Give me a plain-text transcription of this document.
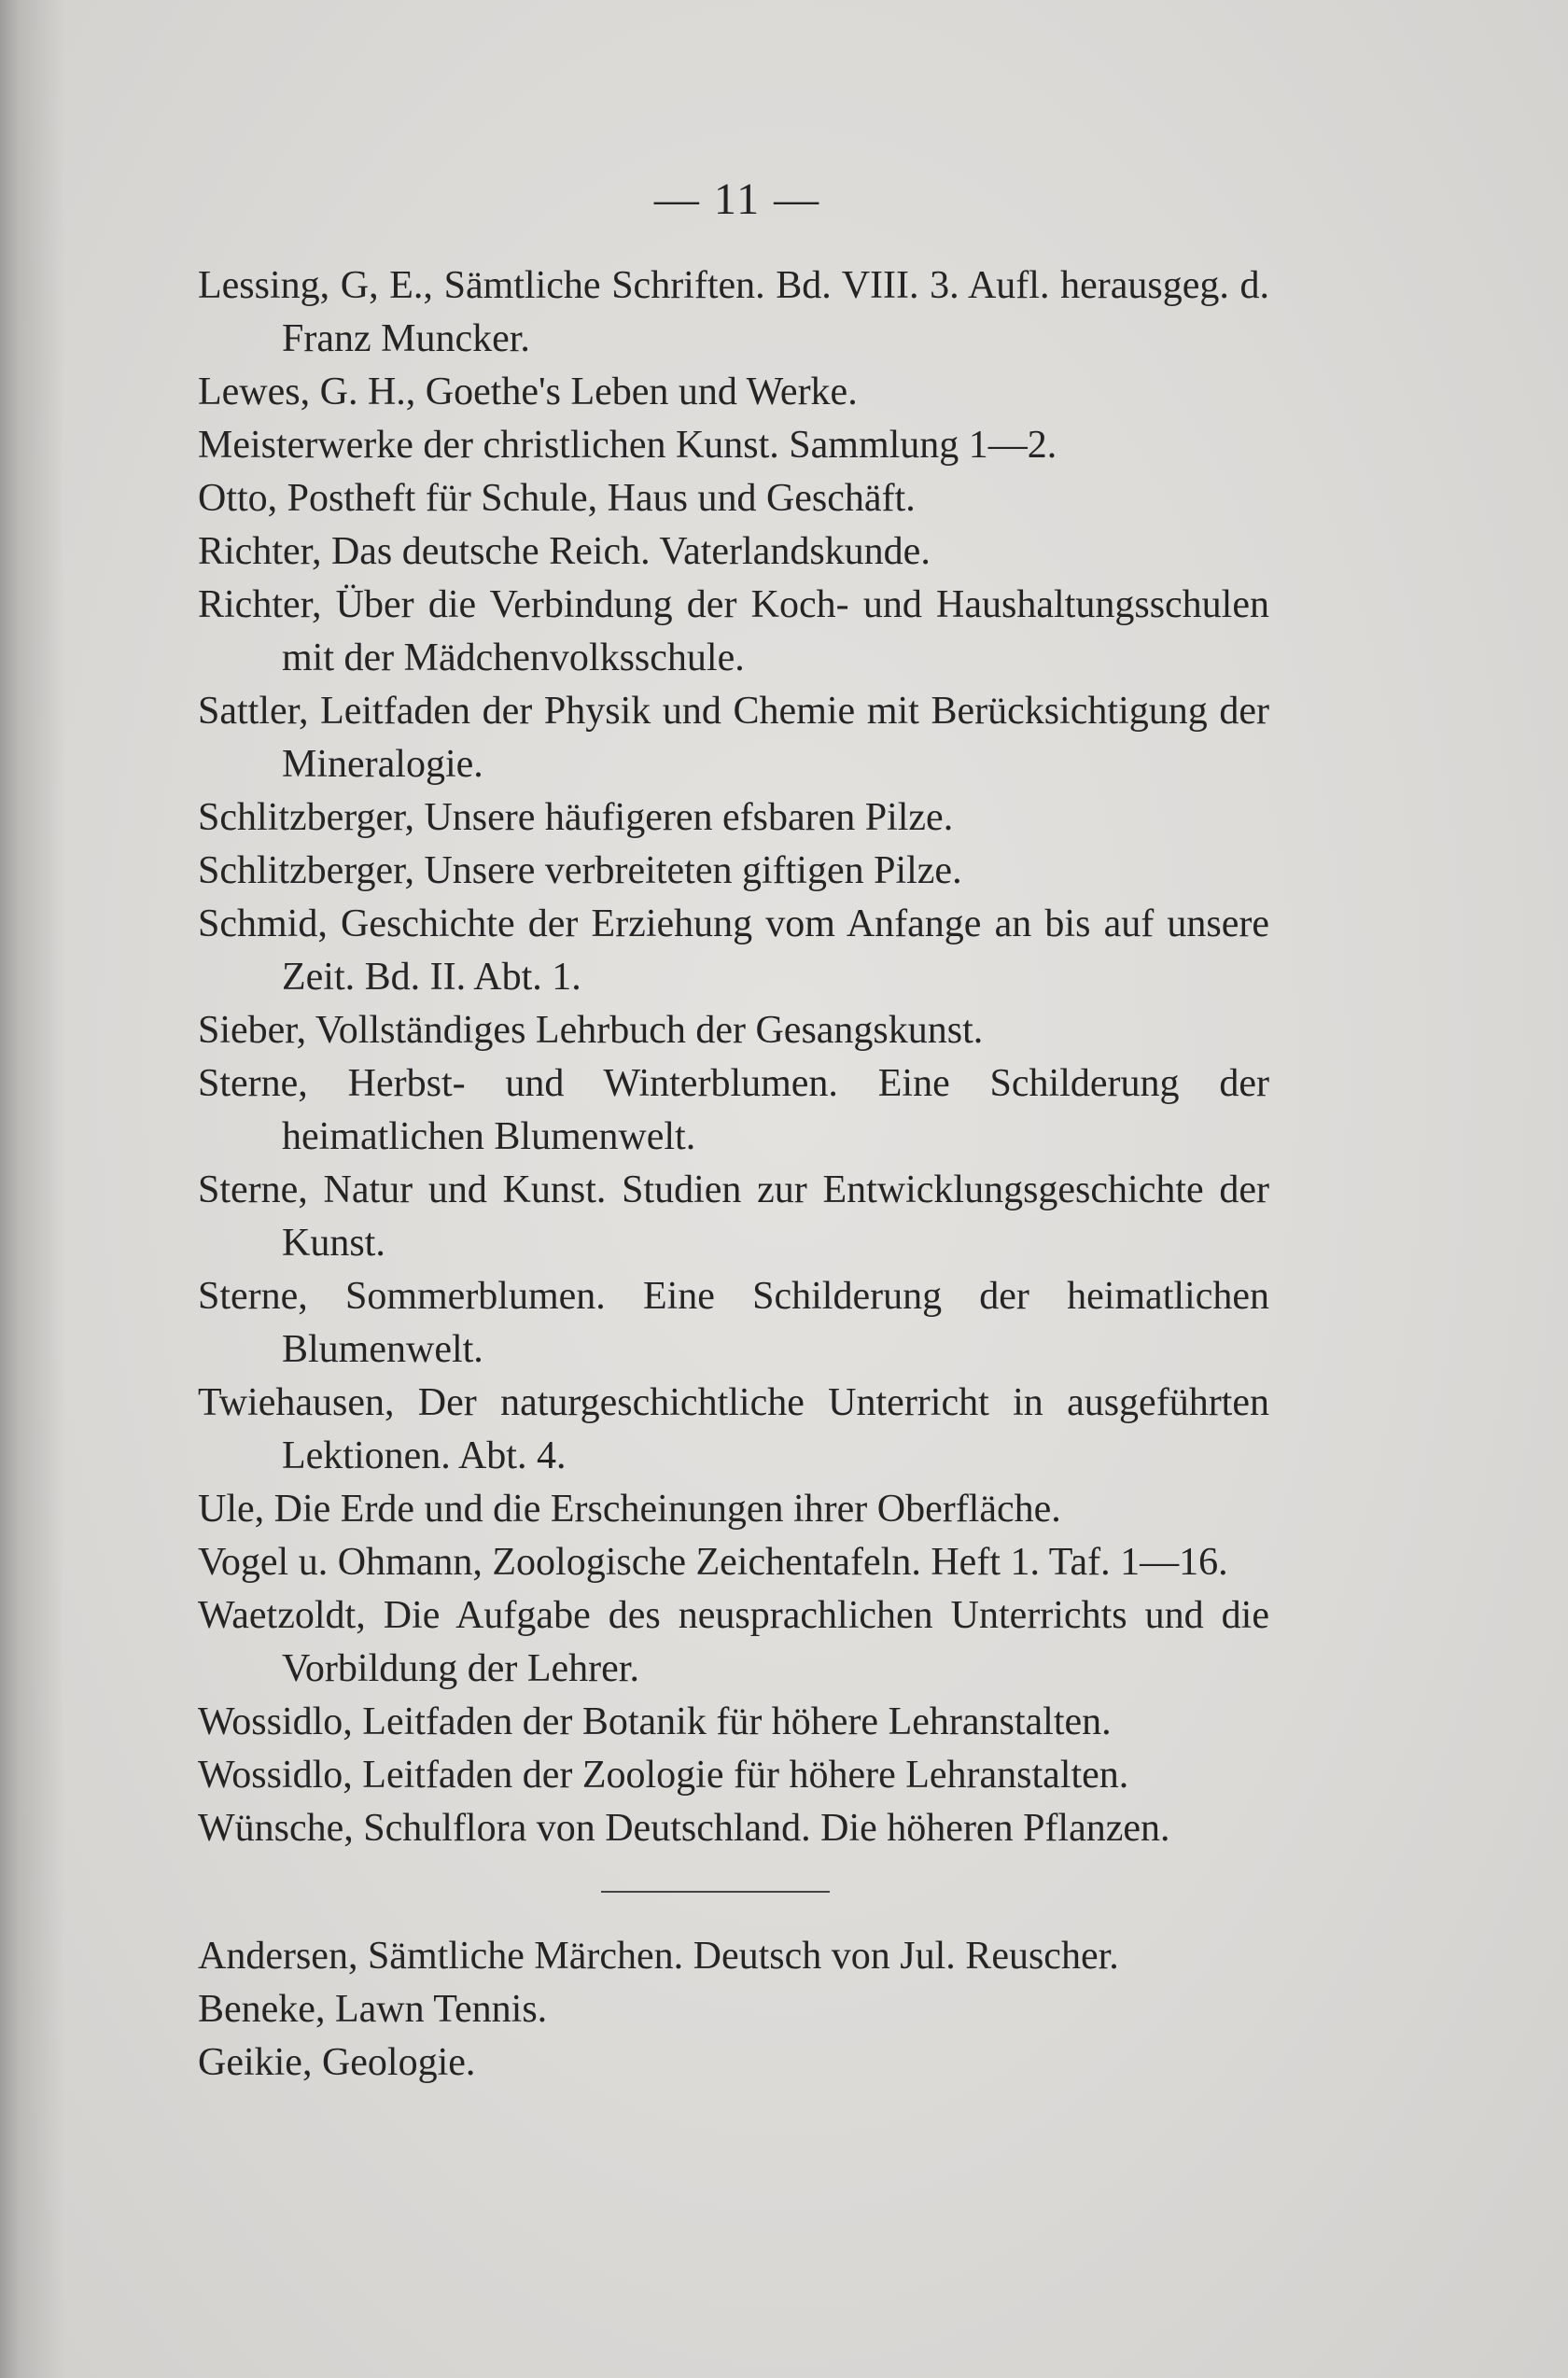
— 11 —

Lessing, G, E., Sämtliche Schriften. Bd. VIII. 3. Aufl. herausgeg. d. Franz Muncker.

Lewes, G. H., Goethe's Leben und Werke.

Meisterwerke der christlichen Kunst. Sammlung 1—2.

Otto, Postheft für Schule, Haus und Geschäft.

Richter, Das deutsche Reich. Vaterlandskunde.

Richter, Über die Verbindung der Koch- und Haushaltungsschulen mit der Mädchenvolksschule.

Sattler, Leitfaden der Physik und Chemie mit Berücksichtigung der Mineralogie.

Schlitzberger, Unsere häufigeren efsbaren Pilze.

Schlitzberger, Unsere verbreiteten giftigen Pilze.

Schmid, Geschichte der Erziehung vom Anfange an bis auf unsere Zeit. Bd. II. Abt. 1.

Sieber, Vollständiges Lehrbuch der Gesangskunst.

Sterne, Herbst- und Winterblumen. Eine Schilderung der heimatlichen Blumenwelt.

Sterne, Natur und Kunst. Studien zur Entwicklungsgeschichte der Kunst.

Sterne, Sommerblumen. Eine Schilderung der heimatlichen Blumenwelt.

Twiehausen, Der naturgeschichtliche Unterricht in ausgeführten Lektionen. Abt. 4.

Ule, Die Erde und die Erscheinungen ihrer Oberfläche.

Vogel u. Ohmann, Zoologische Zeichentafeln. Heft 1. Taf. 1—16.

Waetzoldt, Die Aufgabe des neusprachlichen Unterrichts und die Vorbildung der Lehrer.

Wossidlo, Leitfaden der Botanik für höhere Lehranstalten.

Wossidlo, Leitfaden der Zoologie für höhere Lehranstalten.

Wünsche, Schulflora von Deutschland. Die höheren Pflanzen.

Andersen, Sämtliche Märchen. Deutsch von Jul. Reuscher.

Beneke, Lawn Tennis.

Geikie, Geologie.
